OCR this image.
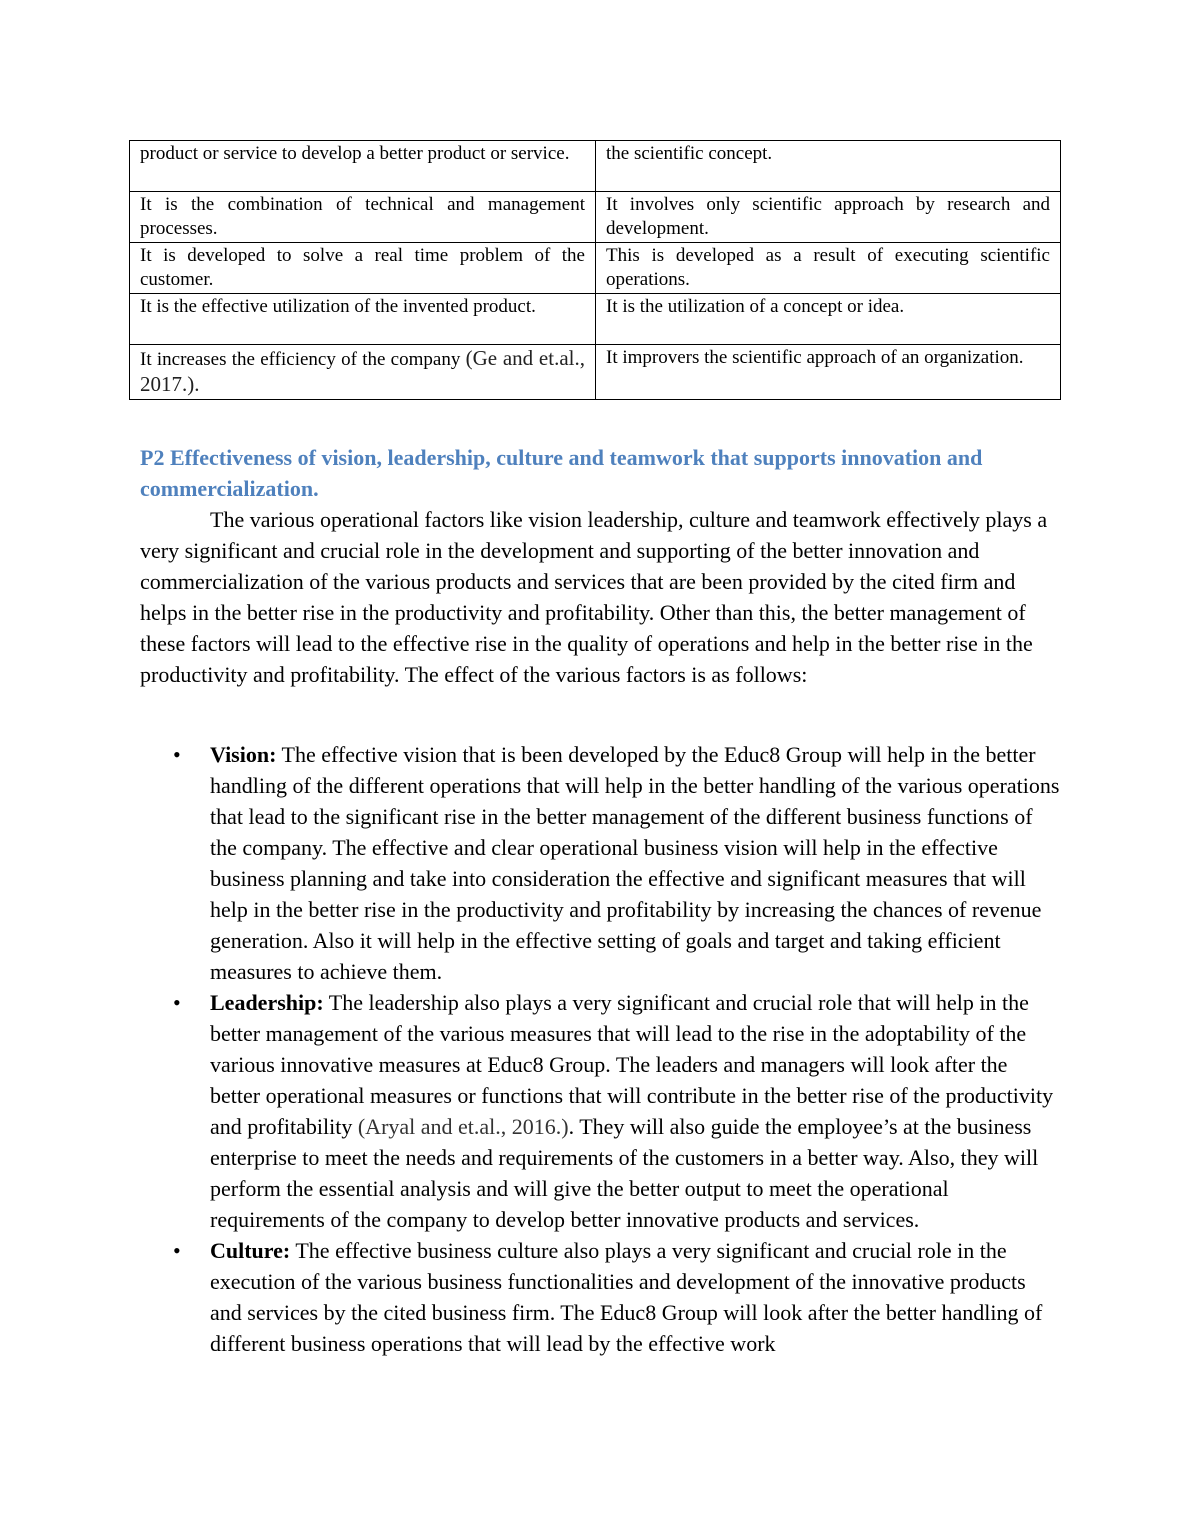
product or service to develop a better product or service.	the scientific concept.
It is the combination of technical and management processes.	It involves only scientific approach by research and development.
It is developed to solve a real time problem of the customer.	This is developed as a result of executing scientific operations.
It is the effective utilization of the invented product.	It is the utilization of a concept or idea.
It increases the efficiency of the company (Ge and et.al., 2017.).	It improvers the scientific approach of an organization.
P2 Effectiveness of vision, leadership, culture and teamwork that supports innovation and commercialization.

The various operational factors like vision leadership, culture and teamwork effectively plays a very significant and crucial role in the development and supporting of the better innovation and commercialization of the various products and services that are been provided by the cited firm and helps in the better rise in the productivity and profitability. Other than this, the better management of these factors will lead to the effective rise in the quality of operations and help in the better rise in the productivity and profitability. The effect of the various factors is as follows:

• Vision: The effective vision that is been developed by the Educ8 Group will help in the better handling of the different operations that will help in the better handling of the various operations that lead to the significant rise in the better management of the different business functions of the company. The effective and clear operational business vision will help in the effective business planning and take into consideration the effective and significant measures that will help in the better rise in the productivity and profitability by increasing the chances of revenue generation. Also it will help in the effective setting of goals and target and taking efficient measures to achieve them.
• Leadership: The leadership also plays a very significant and crucial role that will help in the better management of the various measures that will lead to the rise in the adoptability of the various innovative measures at Educ8 Group. The leaders and managers will look after the better operational measures or functions that will contribute in the better rise of the productivity and profitability (Aryal and et.al., 2016.). They will also guide the employee’s at the business enterprise to meet the needs and requirements of the customers in a better way. Also, they will perform the essential analysis and will give the better output to meet the operational requirements of the company to develop better innovative products and services.
• Culture: The effective business culture also plays a very significant and crucial role in the execution of the various business functionalities and development of the innovative products and services by the cited business firm. The Educ8 Group will look after the better handling of different business operations that will lead by the effective work
